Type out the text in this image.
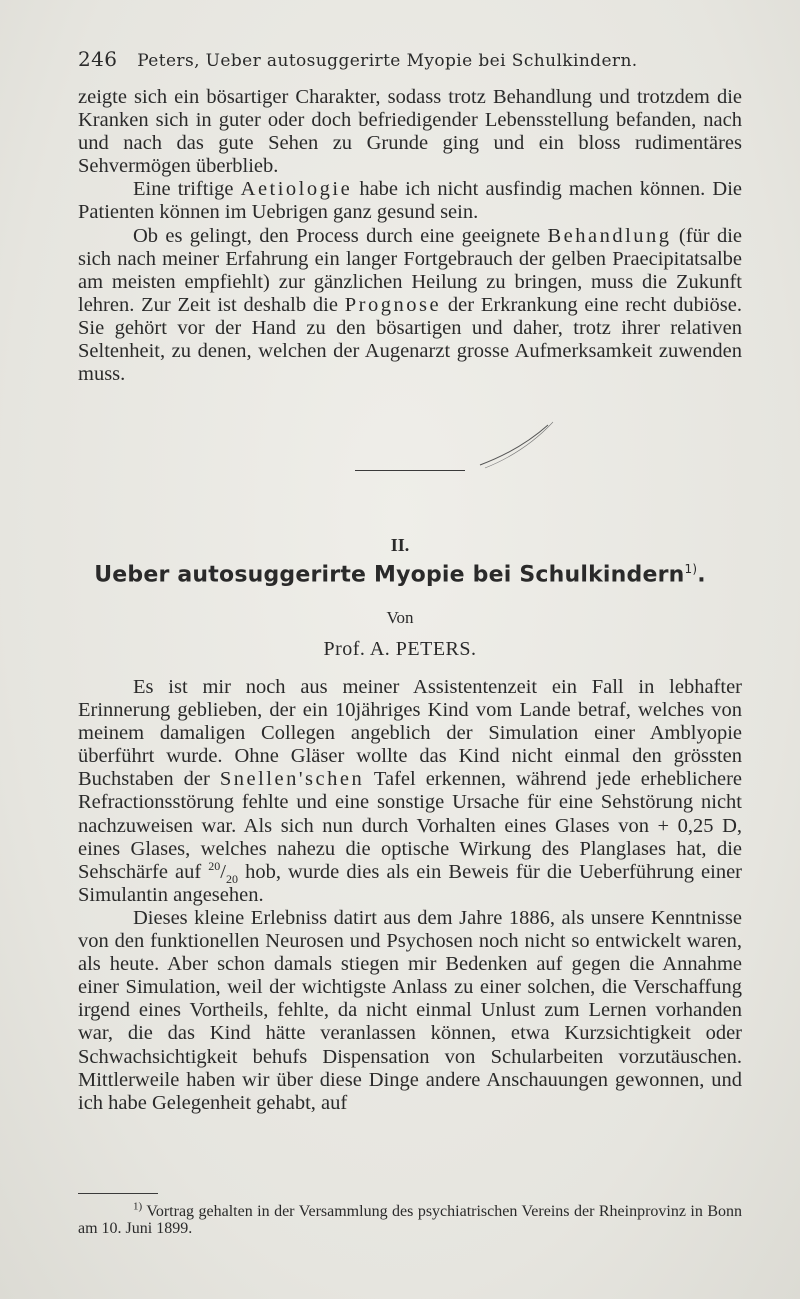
246 Peters, Ueber autosuggerirte Myopie bei Schulkindern.

zeigte sich ein bösartiger Charakter, sodass trotz Behandlung und trotzdem die Kranken sich in guter oder doch befriedigender Lebensstellung befanden, nach und nach das gute Sehen zu Grunde ging und ein bloss rudimentäres Sehvermögen überblieb.

Eine triftige Aetiologie habe ich nicht ausfindig machen können. Die Patienten können im Uebrigen ganz gesund sein.

Ob es gelingt, den Process durch eine geeignete Behandlung (für die sich nach meiner Erfahrung ein langer Fortgebrauch der gelben Praecipitatsalbe am meisten empfiehlt) zur gänzlichen Heilung zu bringen, muss die Zukunft lehren. Zur Zeit ist deshalb die Prognose der Erkrankung eine recht dubiöse. Sie gehört vor der Hand zu den bösartigen und daher, trotz ihrer relativen Seltenheit, zu denen, welchen der Augenarzt grosse Aufmerksamkeit zuwenden muss.

II.
Ueber autosuggerirte Myopie bei Schulkindern$^{1)}$.
Von
Prof. A. PETERS.

Es ist mir noch aus meiner Assistentenzeit ein Fall in lebhafter Erinnerung geblieben, der ein 10jähriges Kind vom Lande betraf, welches von meinem damaligen Collegen angeblich der Simulation einer Amblyopie überführt wurde. Ohne Gläser wollte das Kind nicht einmal den grössten Buchstaben der Snellen'schen Tafel erkennen, während jede erheblichere Refractionsstörung fehlte und eine sonstige Ursache für eine Sehstörung nicht nachzuweisen war. Als sich nun durch Vorhalten eines Glases von + 0,25 D, eines Glases, welches nahezu die optische Wirkung des Planglases hat, die Sehschärfe auf $^{20}/_{20}$ hob, wurde dies als ein Beweis für die Ueberführung einer Simulantin angesehen.

Dieses kleine Erlebniss datirt aus dem Jahre 1886, als unsere Kenntnisse von den funktionellen Neurosen und Psychosen noch nicht so entwickelt waren, als heute. Aber schon damals stiegen mir Bedenken auf gegen die Annahme einer Simulation, weil der wichtigste Anlass zu einer solchen, die Verschaffung irgend eines Vortheils, fehlte, da nicht einmal Unlust zum Lernen vorhanden war, die das Kind hätte veranlassen können, etwa Kurzsichtigkeit oder Schwachsichtigkeit behufs Dispensation von Schularbeiten vorzutäuschen. Mittlerweile haben wir über diese Dinge andere Anschauungen gewonnen, und ich habe Gelegenheit gehabt, auf

$^{1)}$ Vortrag gehalten in der Versammlung des psychiatrischen Vereins der Rheinprovinz in Bonn am 10. Juni 1899.
